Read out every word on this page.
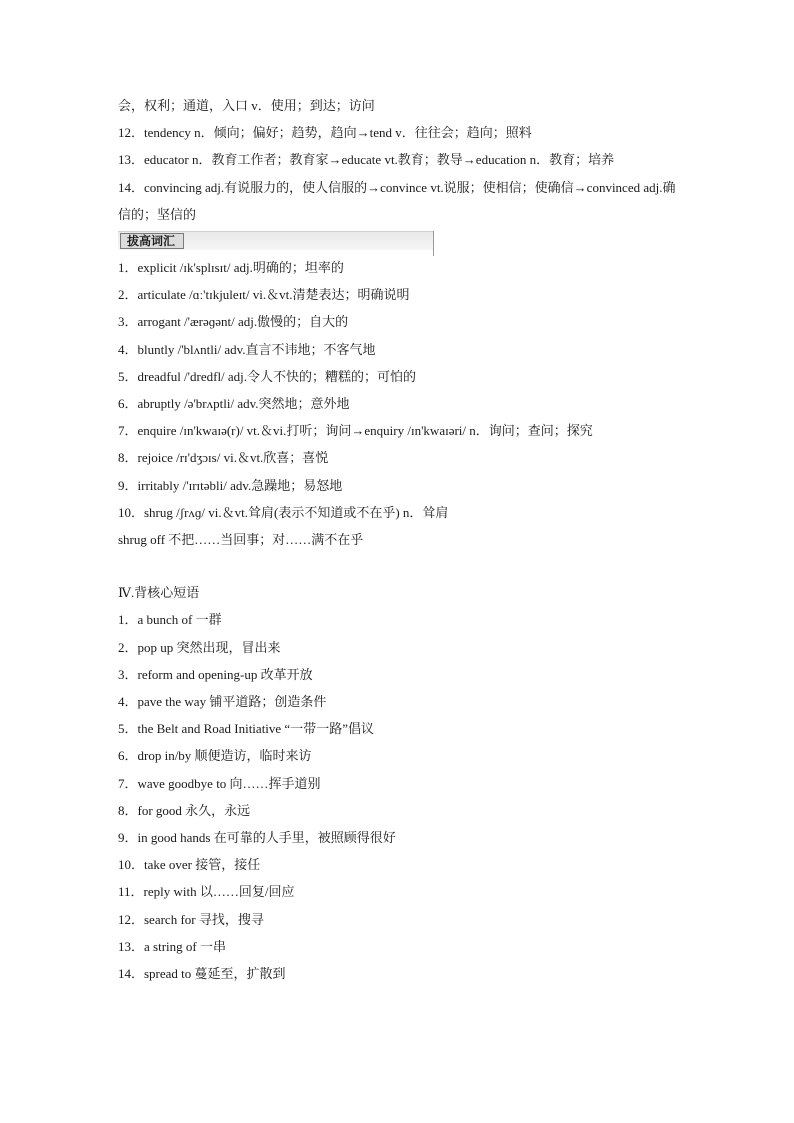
会，权利；通道，入口 v．使用；到达；访问
12．tendency n．倾向；偏好；趋势，趋向→tend v．往往会；趋向；照料
13．educator n．教育工作者；教育家→educate vt.教育；教导→education n．教育；培养
14．convincing adj.有说服力的，使人信服的→convince vt.说服；使相信；使确信→convinced adj.确信的；坚信的
拔高词汇
1．explicit /ɪk'splɪsɪt/ adj.明确的；坦率的
2．articulate /ɑː'tɪkjuleɪt/ vi.＆vt.清楚表达；明确说明
3．arrogant /'ærəɡənt/ adj.傲慢的；自大的
4．bluntly /'blʌntli/ adv.直言不讳地；不客气地
5．dreadful /'dredfl/ adj.令人不快的；糟糕的；可怕的
6．abruptly /ə'brʌptli/ adv.突然地；意外地
7．enquire /ɪn'kwaɪə(r)/ vt.＆vi.打听；询问→enquiry /ɪn'kwaɪəri/ n．询问；查问；探究
8．rejoice /rɪ'dʒɔɪs/ vi.＆vt.欣喜；喜悦
9．irritably /'ɪrɪtəbli/ adv.急躁地；易怒地
10．shrug /ʃrʌɡ/ vi.＆vt.耸肩(表示不知道或不在乎) n．耸肩
shrug off 不把……当回事；对……满不在乎
Ⅳ.背核心短语
1．a bunch of 一群
2．pop up 突然出现，冒出来
3．reform and opening-up 改革开放
4．pave the way 铺平道路；创造条件
5．the Belt and Road Initiative “一带一路”倡议
6．drop in/by 顺便造访，临时来访
7．wave goodbye to 向……挥手道别
8．for good 永久，永远
9．in good hands 在可靠的人手里，被照顾得很好
10．take over 接管，接任
11．reply with 以……回复/回应
12．search for 寻找，搜寻
13．a string of 一串
14．spread to 蔓延至，扩散到
